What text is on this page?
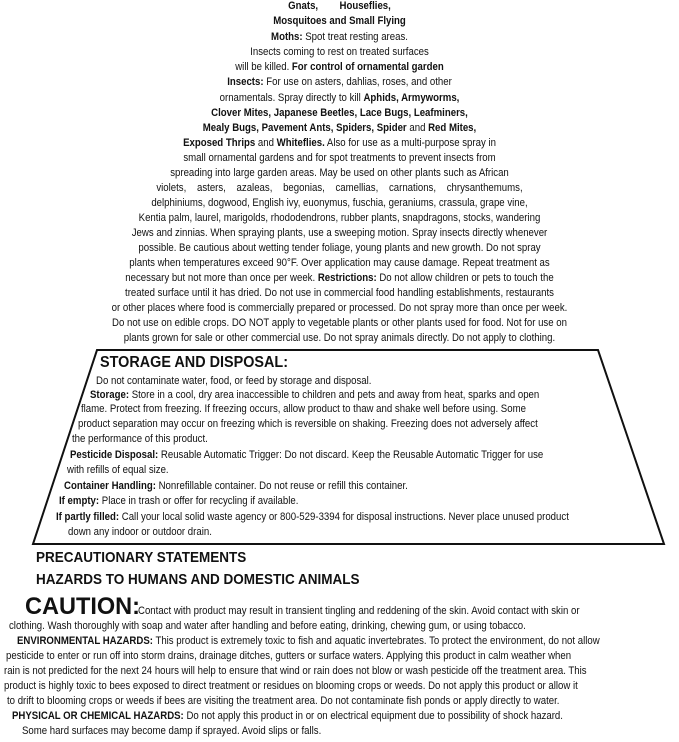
Gnats, Houseflies,
Mosquitoes and Small Flying
Moths: Spot treat resting areas.
Insects coming to rest on treated surfaces
will be killed. For control of ornamental garden
Insects: For use on asters, dahlias, roses, and other
ornamentals. Spray directly to kill Aphids, Armyworms,
Clover Mites, Japanese Beetles, Lace Bugs, Leafminers,
Mealy Bugs, Pavement Ants, Spiders, Spider and Red Mites,
Exposed Thrips and Whiteflies. Also for use as a multi-purpose spray in
small ornamental gardens and for spot treatments to prevent insects from
spreading into large garden areas. May be used on other plants such as African
violets,    asters,    azaleas,    begonias,    camellias,    carnations,    chrysanthemums,
delphiniums, dogwood, English ivy, euonymus, fuschia, geraniums, crassula, grape vine,
Kentia palm, laurel, marigolds, rhododendrons, rubber plants, snapdragons, stocks, wandering
Jews and zinnias. When spraying plants, use a sweeping motion. Spray insects directly whenever
possible. Be cautious about wetting tender foliage, young plants and new growth. Do not spray
plants when temperatures exceed 90°F. Over application may cause damage. Repeat treatment as
necessary but not more than once per week. Restrictions: Do not allow children or pets to touch the
treated surface until it has dried. Do not use in commercial food handling establishments, restaurants
or other places where food is commercially prepared or processed. Do not spray more than once per week.
Do not use on edible crops. DO NOT apply to vegetable plants or other plants used for food. Not for use on
plants grown for sale or other commercial use. Do not spray animals directly. Do not apply to clothing.
STORAGE AND DISPOSAL:
Do not contaminate water, food, or feed by storage and disposal.
Storage: Store in a cool, dry area inaccessible to children and pets and away from heat, sparks and open
flame. Protect from freezing. If freezing occurs, allow product to thaw and shake well before using. Some
product separation may occur on freezing which is reversible on shaking. Freezing does not adversely affect
the performance of this product.
Pesticide Disposal: Reusable Automatic Trigger: Do not discard. Keep the Reusable Automatic Trigger for use
with refills of equal size.
Container Handling: Nonrefillable container. Do not reuse or refill this container.
If empty: Place in trash or offer for recycling if available.
If partly filled: Call your local solid waste agency or 800-529-3394 for disposal instructions. Never place unused product
down any indoor or outdoor drain.
PRECAUTIONARY STATEMENTS
HAZARDS TO HUMANS AND DOMESTIC ANIMALS
CAUTION:
Contact with product may result in transient tingling and reddening of the skin. Avoid contact with skin or
clothing. Wash thoroughly with soap and water after handling and before eating, drinking, chewing gum, or using tobacco.
ENVIRONMENTAL HAZARDS: This product is extremely toxic to fish and aquatic invertebrates. To protect the environment, do not allow
pesticide to enter or run off into storm drains, drainage ditches, gutters or surface waters. Applying this product in calm weather when
rain is not predicted for the next 24 hours will help to ensure that wind or rain does not blow or wash pesticide off the treatment area. This
product is highly toxic to bees exposed to direct treatment or residues on blooming crops or weeds. Do not apply this product or allow it
to drift to blooming crops or weeds if bees are visiting the treatment area. Do not contaminate fish ponds or apply directly to water.
PHYSICAL OR CHEMICAL HAZARDS: Do not apply this product in or on electrical equipment due to possibility of shock hazard.
Some hard surfaces may become damp if sprayed. Avoid slips or falls.
